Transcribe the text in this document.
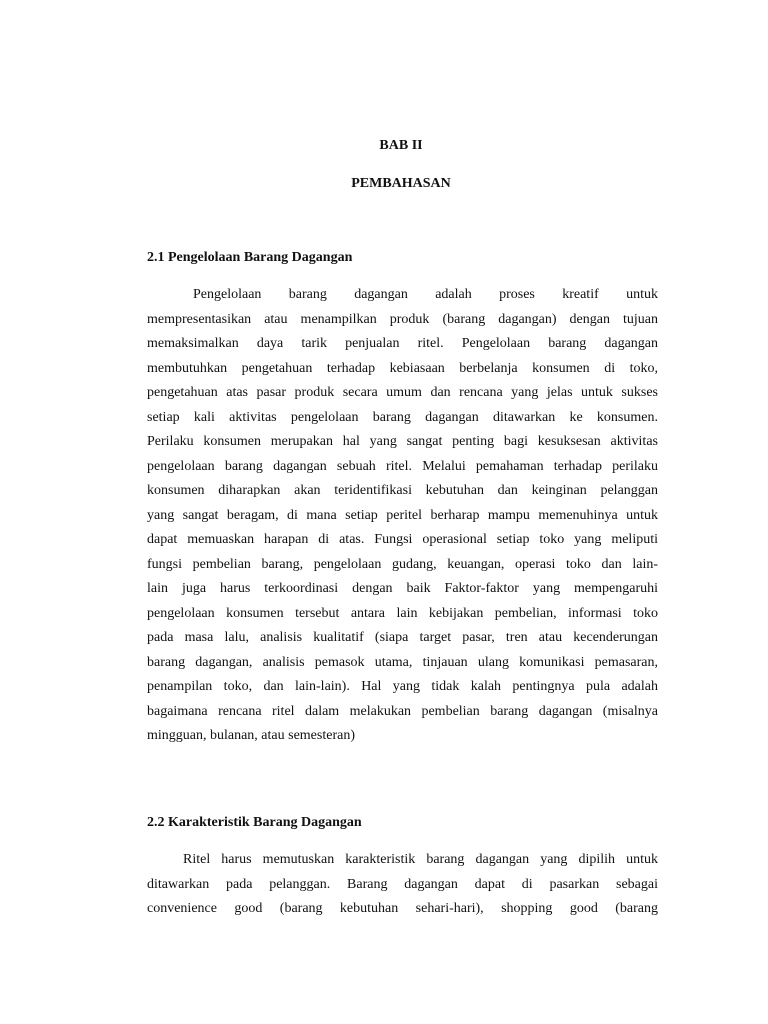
BAB II
PEMBAHASAN
2.1 Pengelolaan Barang Dagangan
Pengelolaan barang dagangan adalah proses kreatif untuk
mempresentasikan atau menampilkan produk (barang dagangan) dengan tujuan
memaksimalkan daya tarik penjualan ritel. Pengelolaan barang dagangan
membutuhkan pengetahuan terhadap kebiasaan berbelanja konsumen di toko,
pengetahuan atas pasar produk secara umum dan rencana yang jelas untuk sukses
setiap kali aktivitas pengelolaan barang dagangan ditawarkan ke konsumen.
Perilaku konsumen merupakan hal yang sangat penting bagi kesuksesan aktivitas
pengelolaan barang dagangan sebuah ritel. Melalui pemahaman terhadap perilaku
konsumen diharapkan akan teridentifikasi kebutuhan dan keinginan pelanggan
yang sangat beragam, di mana setiap peritel berharap mampu memenuhinya untuk
dapat memuaskan harapan di atas. Fungsi operasional setiap toko yang meliputi
fungsi pembelian barang, pengelolaan gudang, keuangan, operasi toko dan lain-
lain juga harus terkoordinasi dengan baik Faktor-faktor yang mempengaruhi
pengelolaan konsumen tersebut antara lain kebijakan pembelian, informasi toko
pada masa lalu, analisis kualitatif (siapa target pasar, tren atau kecenderungan
barang dagangan, analisis pemasok utama, tinjauan ulang komunikasi pemasaran,
penampilan toko, dan lain-lain). Hal yang tidak kalah pentingnya pula adalah
bagaimana rencana ritel dalam melakukan pembelian barang dagangan (misalnya
mingguan, bulanan, atau semesteran)
2.2 Karakteristik Barang Dagangan
Ritel harus memutuskan karakteristik barang dagangan yang dipilih untuk
ditawarkan pada pelanggan. Barang dagangan dapat di pasarkan sebagai
convenience good (barang kebutuhan sehari-hari), shopping good (barang
